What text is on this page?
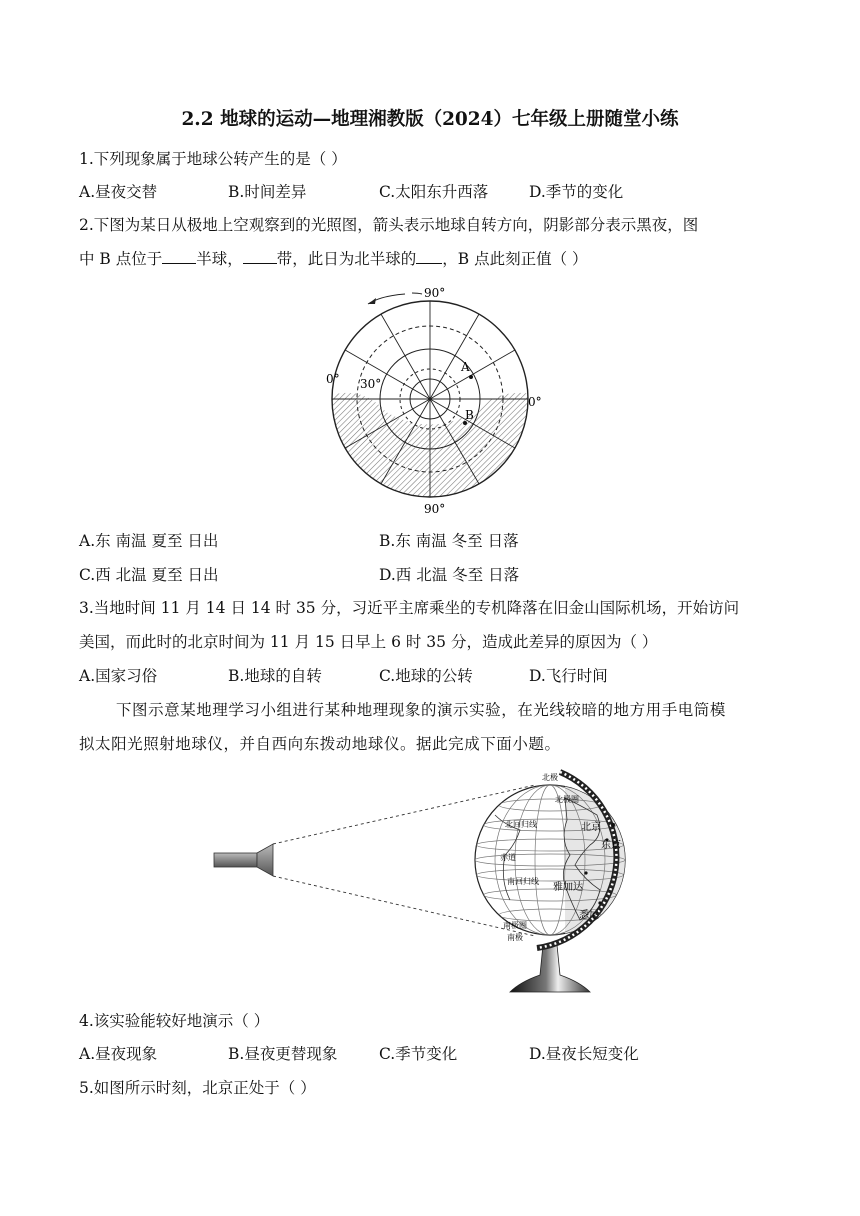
2.2 地球的运动—地理湘教版（2024）七年级上册随堂小练
1.下列现象属于地球公转产生的是（ ）
A.昼夜交替	B.时间差异	C.太阳东升西落	D.季节的变化
2.下图为某日从极地上空观察到的光照图，箭头表示地球自转方向，阴影部分表示黑夜，图
中 B 点位于 半球， 带，此日为北半球的 ，B 点此刻正值（ ）
90°
90°
0°
0°
30°
A
B
A.东 南温 夏至 日出	B.东 南温 冬至 日落
C.西 北温 夏至 日出	D.西 北温 冬至 日落
3.当地时间 11 月 14 日 14 时 35 分，习近平主席乘坐的专机降落在旧金山国际机场，开始访问
美国，而此时的北京时间为 11 月 15 日早上 6 时 35 分，造成此差异的原因为（ ）
A.国家习俗	B.地球的自转	C.地球的公转	D.飞行时间
下图示意某地理学习小组进行某种地理现象的演示实验，在光线较暗的地方用手电筒模
拟太阳光照射地球仪，并自西向东拨动地球仪。据此完成下面小题。
北极
北极圈
北回归线
赤道
南回归线
南极圈
南极
北京
东京
雅加达
悉尼
4.该实验能较好地演示（ ）
A.昼夜现象	B.昼夜更替现象	C.季节变化	D.昼夜长短变化
5.如图所示时刻，北京正处于（ ）
